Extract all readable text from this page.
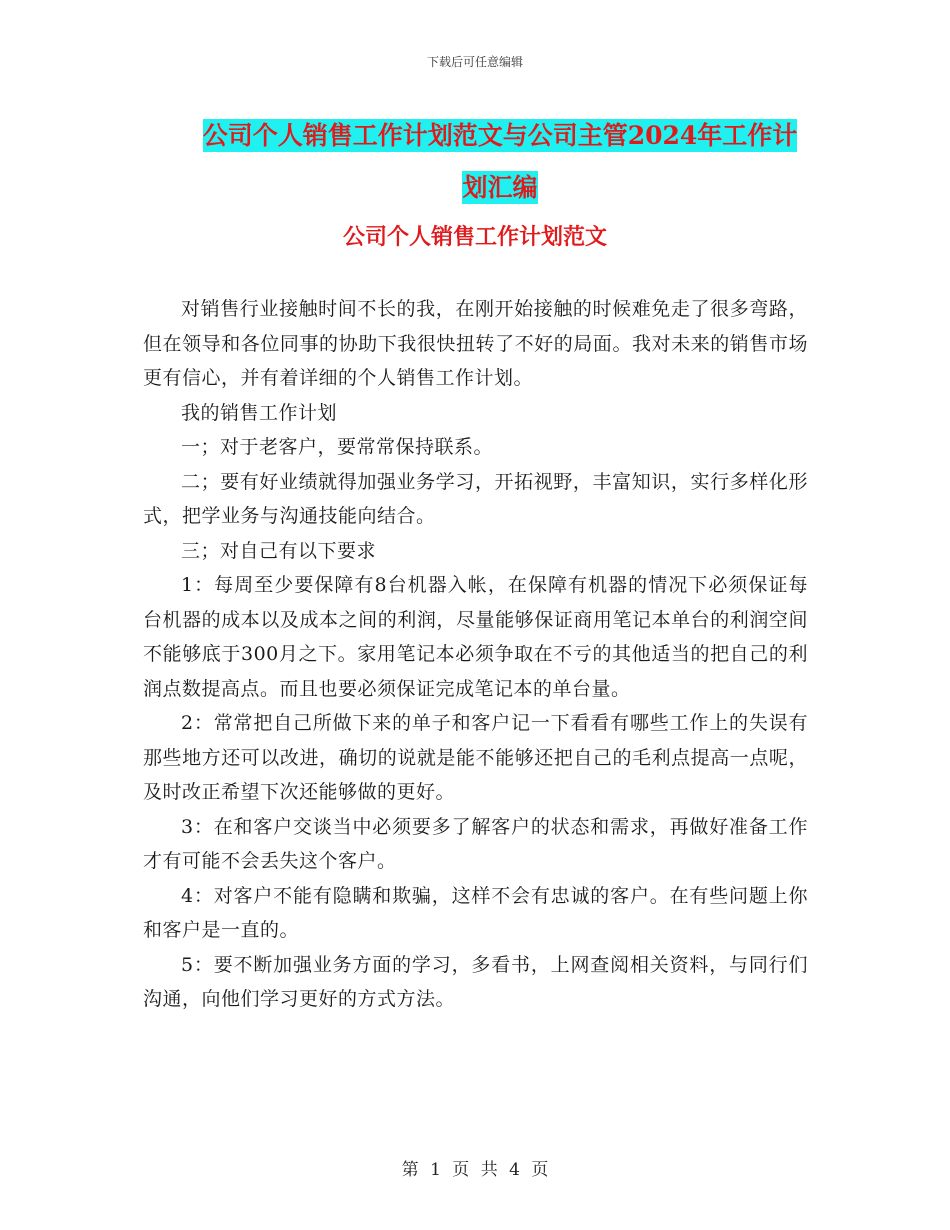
下载后可任意编辑
公司个人销售工作计划范文与公司主管2024年工作计
划汇编
公司个人销售工作计划范文

对销售行业接触时间不长的我，在刚开始接触的时候难免走了很多弯路，但在领导和各位同事的协助下我很快扭转了不好的局面。我对未来的销售市场更有信心，并有着详细的个人销售工作计划。

我的销售工作计划

一；对于老客户，要常常保持联系。

二；要有好业绩就得加强业务学习，开拓视野，丰富知识，实行多样化形式，把学业务与沟通技能向结合。

三；对自己有以下要求

1：每周至少要保障有8台机器入帐，在保障有机器的情况下必须保证每台机器的成本以及成本之间的利润，尽量能够保证商用笔记本单台的利润空间不能够底于300月之下。家用笔记本必须争取在不亏的其他适当的把自己的利润点数提高点。而且也要必须保证完成笔记本的单台量。

2：常常把自己所做下来的单子和客户记一下看看有哪些工作上的失误有那些地方还可以改进，确切的说就是能不能够还把自己的毛利点提高一点呢，及时改正希望下次还能够做的更好。

3：在和客户交谈当中必须要多了解客户的状态和需求，再做好准备工作才有可能不会丢失这个客户。

4：对客户不能有隐瞒和欺骗，这样不会有忠诚的客户。在有些问题上你和客户是一直的。

5：要不断加强业务方面的学习，多看书，上网查阅相关资料，与同行们沟通，向他们学习更好的方式方法。

第 1 页 共 4 页
